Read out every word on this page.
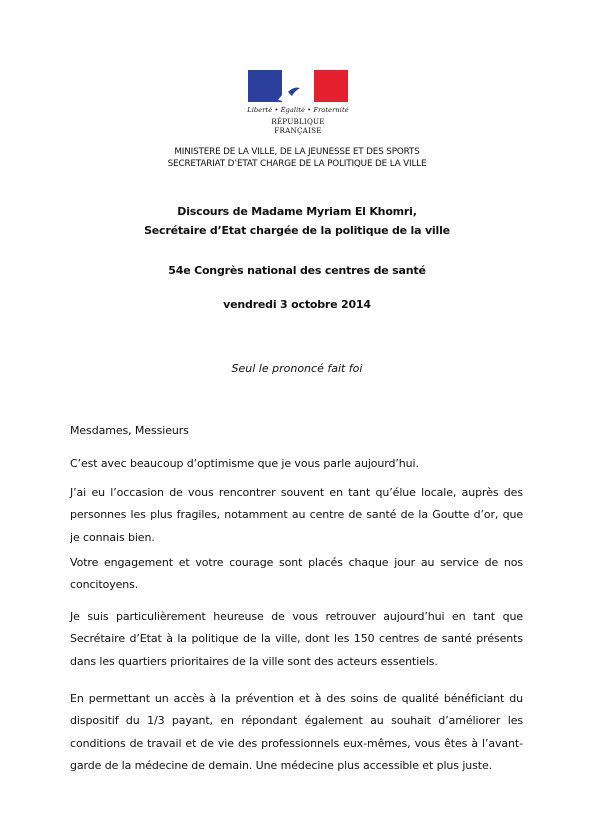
Liberté • Égalité • Fraternité
RÉPUBLIQUE FRANÇAISE
MINISTERE DE LA VILLE, DE LA JEUNESSE ET DES SPORTS
SECRETARIAT D’ETAT CHARGE DE LA POLITIQUE DE LA VILLE
Discours de Madame Myriam El Khomri,
Secrétaire d’Etat chargée de la politique de la ville
54e Congrès national des centres de santé
vendredi 3 octobre 2014
Seul le prononcé fait foi
Mesdames, Messieurs
C’est avec beaucoup d’optimisme que je vous parle aujourd’hui.
J’ai eu l’occasion de vous rencontrer souvent en tant qu’élue locale, auprès des personnes les plus fragiles, notamment au centre de santé de la Goutte d’or, que je connais bien.
Votre engagement et votre courage sont placés chaque jour au service de nos concitoyens.
Je suis particulièrement heureuse de vous retrouver aujourd’hui en tant que Secrétaire d’Etat à la politique de la ville, dont les 150 centres de santé présents dans les quartiers prioritaires de la ville sont des acteurs essentiels.
En permettant un accès à la prévention et à des soins de qualité bénéficiant du dispositif du 1/3 payant, en répondant également au souhait d’améliorer les conditions de travail et de vie des professionnels eux-mêmes, vous êtes à l’avant-garde de la médecine de demain. Une médecine plus accessible et plus juste.
